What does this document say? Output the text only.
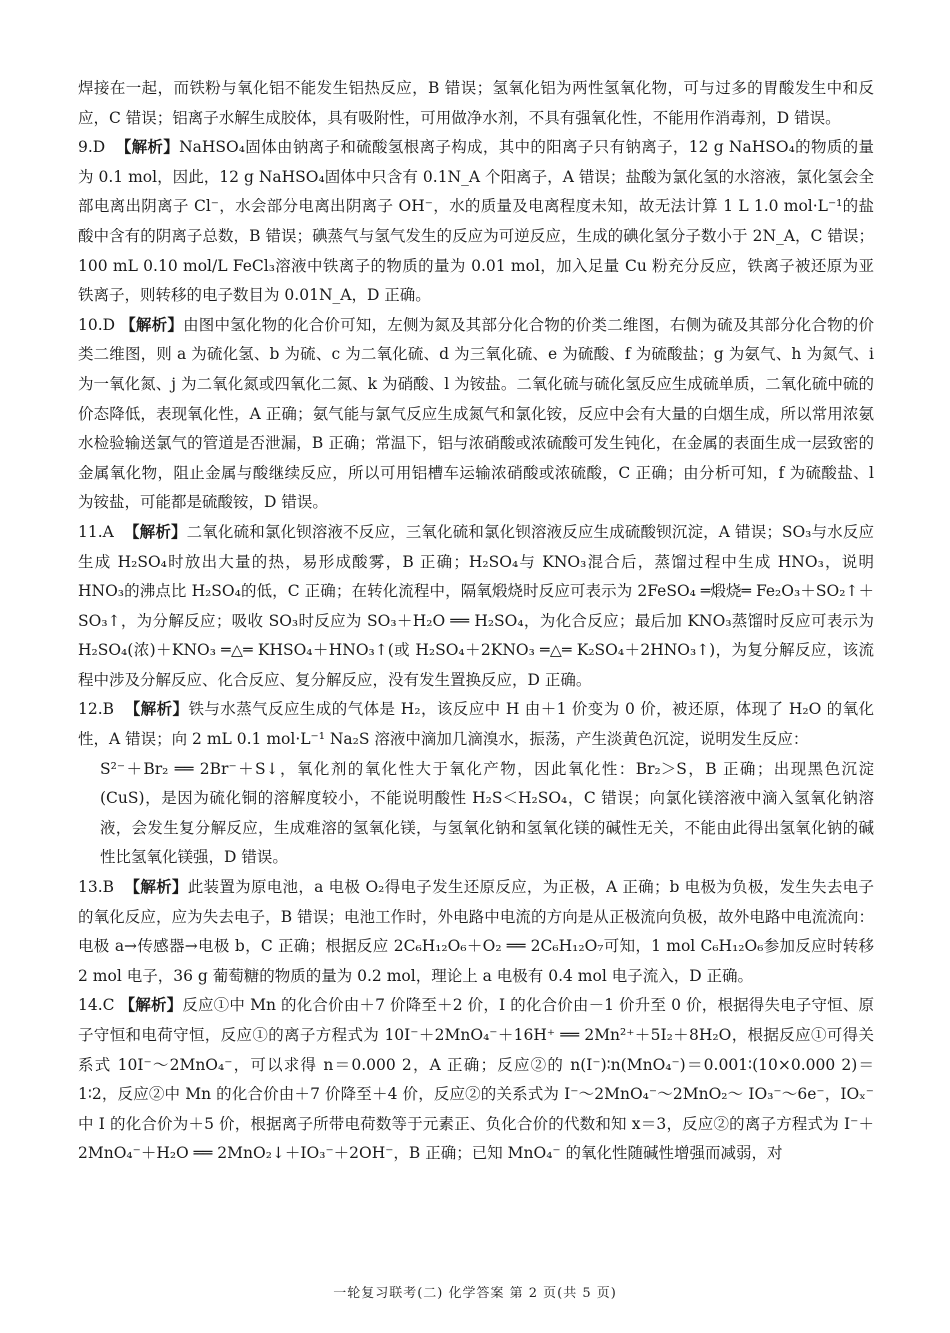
焊接在一起，而铁粉与氧化铝不能发生铝热反应，B 错误；氢氧化铝为两性氢氧化物，可与过多的胃酸发生中和反应，C 错误；铝离子水解生成胶体，具有吸附性，可用做净水剂，不具有强氧化性，不能用作消毒剂，D 错误。

9.D 【解析】NaHSO₄固体由钠离子和硫酸氢根离子构成，其中的阳离子只有钠离子，12 g NaHSO₄的物质的量为 0.1 mol，因此，12 g NaHSO₄固体中只含有 0.1N_A 个阳离子，A 错误；盐酸为氯化氢的水溶液，氯化氢会全部电离出阴离子 Cl⁻，水会部分电离出阴离子 OH⁻，水的质量及电离程度未知，故无法计算 1 L 1.0 mol·L⁻¹的盐酸中含有的阴离子总数，B 错误；碘蒸气与氢气发生的反应为可逆反应，生成的碘化氢分子数小于 2N_A，C 错误；100 mL 0.10 mol/L FeCl₃溶液中铁离子的物质的量为 0.01 mol，加入足量 Cu 粉充分反应，铁离子被还原为亚铁离子，则转移的电子数目为 0.01N_A，D 正确。

10.D 【解析】由图中氢化物的化合价可知，左侧为氮及其部分化合物的价类二维图，右侧为硫及其部分化合物的价类二维图，则 a 为硫化氢、b 为硫、c 为二氧化硫、d 为三氧化硫、e 为硫酸、f 为硫酸盐；g 为氨气、h 为氮气、i 为一氧化氮、j 为二氧化氮或四氧化二氮、k 为硝酸、l 为铵盐。二氧化硫与硫化氢反应生成硫单质，二氧化硫中硫的价态降低，表现氧化性，A 正确；氨气能与氯气反应生成氮气和氯化铵，反应中会有大量的白烟生成，所以常用浓氨水检验输送氯气的管道是否泄漏，B 正确；常温下，铝与浓硝酸或浓硫酸可发生钝化，在金属的表面生成一层致密的金属氧化物，阻止金属与酸继续反应，所以可用铝槽车运输浓硝酸或浓硫酸，C 正确；由分析可知，f 为硫酸盐、l 为铵盐，可能都是硫酸铵，D 错误。

11.A 【解析】二氧化硫和氯化钡溶液不反应，三氧化硫和氯化钡溶液反应生成硫酸钡沉淀，A 错误；SO₃与水反应生成 H₂SO₄时放出大量的热，易形成酸雾，B 正确；H₂SO₄与 KNO₃混合后，蒸馏过程中生成 HNO₃，说明 HNO₃的沸点比 H₂SO₄的低，C 正确；在转化流程中，隔氧煅烧时反应可表示为 2FeSO₄ ═煅烧═ Fe₂O₃＋SO₂↑＋SO₃↑，为分解反应；吸收 SO₃时反应为 SO₃＋H₂O ══ H₂SO₄，为化合反应；最后加 KNO₃蒸馏时反应可表示为 H₂SO₄(浓)＋KNO₃ ═△═ KHSO₄＋HNO₃↑(或 H₂SO₄＋2KNO₃ ═△═ K₂SO₄＋2HNO₃↑)，为复分解反应，该流程中涉及分解反应、化合反应、复分解反应，没有发生置换反应，D 正确。

12.B 【解析】铁与水蒸气反应生成的气体是 H₂，该反应中 H 由＋1 价变为 0 价，被还原，体现了 H₂O 的氧化性，A 错误；向 2 mL 0.1 mol·L⁻¹ Na₂S 溶液中滴加几滴溴水，振荡，产生淡黄色沉淀，说明发生反应：

S²⁻＋Br₂ ══ 2Br⁻＋S↓，氧化剂的氧化性大于氧化产物，因此氧化性：Br₂＞S，B 正确；出现黑色沉淀(CuS)，是因为硫化铜的溶解度较小，不能说明酸性 H₂S＜H₂SO₄，C 错误；向氯化镁溶液中滴入氢氧化钠溶液，会发生复分解反应，生成难溶的氢氧化镁，与氢氧化钠和氢氧化镁的碱性无关，不能由此得出氢氧化钠的碱性比氢氧化镁强，D 错误。

13.B 【解析】此装置为原电池，a 电极 O₂得电子发生还原反应，为正极，A 正确；b 电极为负极，发生失去电子的氧化反应，应为失去电子，B 错误；电池工作时，外电路中电流的方向是从正极流向负极，故外电路中电流流向：电极 a→传感器→电极 b，C 正确；根据反应 2C₆H₁₂O₆＋O₂ ══ 2C₆H₁₂O₇可知，1 mol C₆H₁₂O₆参加反应时转移 2 mol 电子，36 g 葡萄糖的物质的量为 0.2 mol，理论上 a 电极有 0.4 mol 电子流入，D 正确。

14.C 【解析】反应①中 Mn 的化合价由＋7 价降至＋2 价，I 的化合价由－1 价升至 0 价，根据得失电子守恒、原子守恒和电荷守恒，反应①的离子方程式为 10I⁻＋2MnO₄⁻＋16H⁺ ══ 2Mn²⁺＋5I₂＋8H₂O，根据反应①可得关系式 10I⁻～2MnO₄⁻，可以求得 n＝0.000 2，A 正确；反应②的 n(I⁻)∶n(MnO₄⁻)＝0.001∶(10×0.000 2)＝1∶2，反应②中 Mn 的化合价由＋7 价降至＋4 价，反应②的关系式为 I⁻～2MnO₄⁻～2MnO₂～ IO₃⁻～6e⁻，IOₓ⁻ 中 I 的化合价为＋5 价，根据离子所带电荷数等于元素正、负化合价的代数和知 x＝3，反应②的离子方程式为 I⁻＋2MnO₄⁻＋H₂O ══ 2MnO₂↓＋IO₃⁻＋2OH⁻，B 正确；已知 MnO₄⁻ 的氧化性随碱性增强而减弱，对

一轮复习联考(二) 化学答案 第 2 页(共 5 页)
